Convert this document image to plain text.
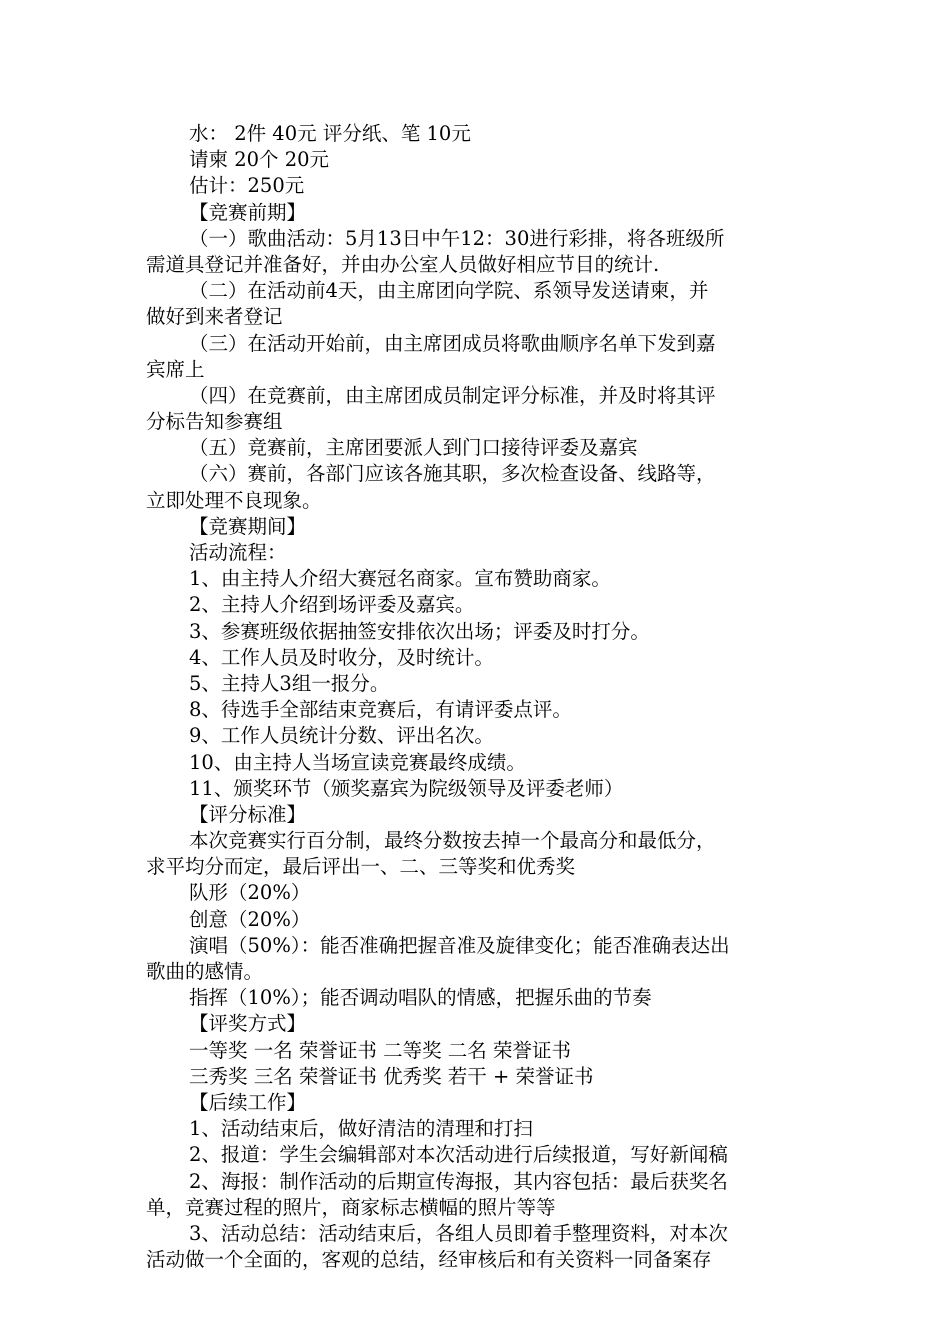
水： 2件 40元 评分纸、笔 10元
请柬 20个 20元
估计：250元
【竞赛前期】
（一）歌曲活动：5月13日中午12：30进行彩排，将各班级所
需道具登记并准备好，并由办公室人员做好相应节目的统计.
（二）在活动前4天，由主席团向学院、系领导发送请柬，并
做好到来者登记
（三）在活动开始前，由主席团成员将歌曲顺序名单下发到嘉
宾席上
（四）在竞赛前，由主席团成员制定评分标准，并及时将其评
分标告知参赛组
（五）竞赛前，主席团要派人到门口接待评委及嘉宾
（六）赛前，各部门应该各施其职，多次检查设备、线路等，
立即处理不良现象。
【竞赛期间】
活动流程：
1、由主持人介绍大赛冠名商家。宣布赞助商家。
2、主持人介绍到场评委及嘉宾。
3、参赛班级依据抽签安排依次出场；评委及时打分。
4、工作人员及时收分，及时统计。
5、主持人3组一报分。
8、待选手全部结束竞赛后，有请评委点评。
9、工作人员统计分数、评出名次。
10、由主持人当场宣读竞赛最终成绩。
11、颁奖环节（颁奖嘉宾为院级领导及评委老师）
【评分标准】
本次竞赛实行百分制，最终分数按去掉一个最高分和最低分，
求平均分而定，最后评出一、二、三等奖和优秀奖
队形（20%）
创意（20%）
演唱（50%）：能否准确把握音准及旋律变化；能否准确表达出
歌曲的感情。
指挥（10%）；能否调动唱队的情感，把握乐曲的节奏
【评奖方式】
一等奖 一名 荣誉证书 二等奖 二名 荣誉证书
三秀奖 三名 荣誉证书 优秀奖 若干 + 荣誉证书
【后续工作】
1、活动结束后，做好清洁的清理和打扫
2、报道：学生会编辑部对本次活动进行后续报道，写好新闻稿
2、海报：制作活动的后期宣传海报，其内容包括：最后获奖名
单，竞赛过程的照片，商家标志横幅的照片等等
3、活动总结：活动结束后，各组人员即着手整理资料，对本次
活动做一个全面的，客观的总结，经审核后和有关资料一同备案存
